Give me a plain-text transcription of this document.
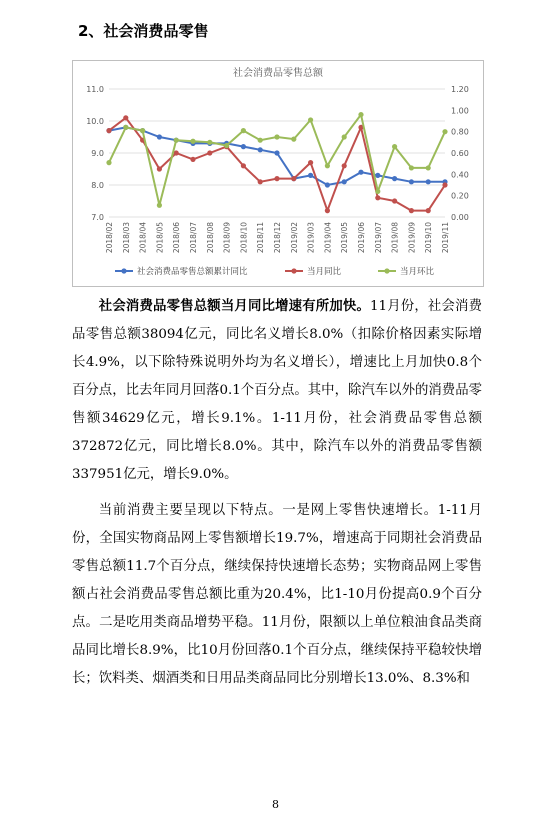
2、社会消费品零售
社会消费品零售总额
7.0
8.0
9.0
10.0
11.0
0.00
0.20
0.40
0.60
0.80
1.00
1.20
2018/02 2018/03 2018/04 2018/05 2018/06 2018/07 2018/08 2018/09 2018/10 2018/11 2018/12 2019/02 2019/03 2019/04 2019/05 2019/06 2019/07 2019/08 2019/09 2019/10 2019/11
社会消费品零售总额累计同比	当月同比	当月环比

社会消费品零售总额当月同比增速有所加快。11月份，社会消费品零售总额38094亿元，同比名义增长8.0%（扣除价格因素实际增长4.9%，以下除特殊说明外均为名义增长），增速比上月加快0.8个百分点，比去年同月回落0.1个百分点。其中，除汽车以外的消费品零售额34629亿元，增长9.1%。1-11月份，社会消费品零售总额372872亿元，同比增长8.0%。其中，除汽车以外的消费品零售额337951亿元，增长9.0%。

当前消费主要呈现以下特点。一是网上零售快速增长。1-11月份，全国实物商品网上零售额增长19.7%，增速高于同期社会消费品零售总额11.7个百分点，继续保持快速增长态势；实物商品网上零售额占社会消费品零售总额比重为20.4%，比1-10月份提高0.9个百分点。二是吃用类商品增势平稳。11月份，限额以上单位粮油食品类商品同比增长8.9%，比10月份回落0.1个百分点，继续保持平稳较快增长；饮料类、烟酒类和日用品类商品同比分别增长13.0%、8.3%和

8
